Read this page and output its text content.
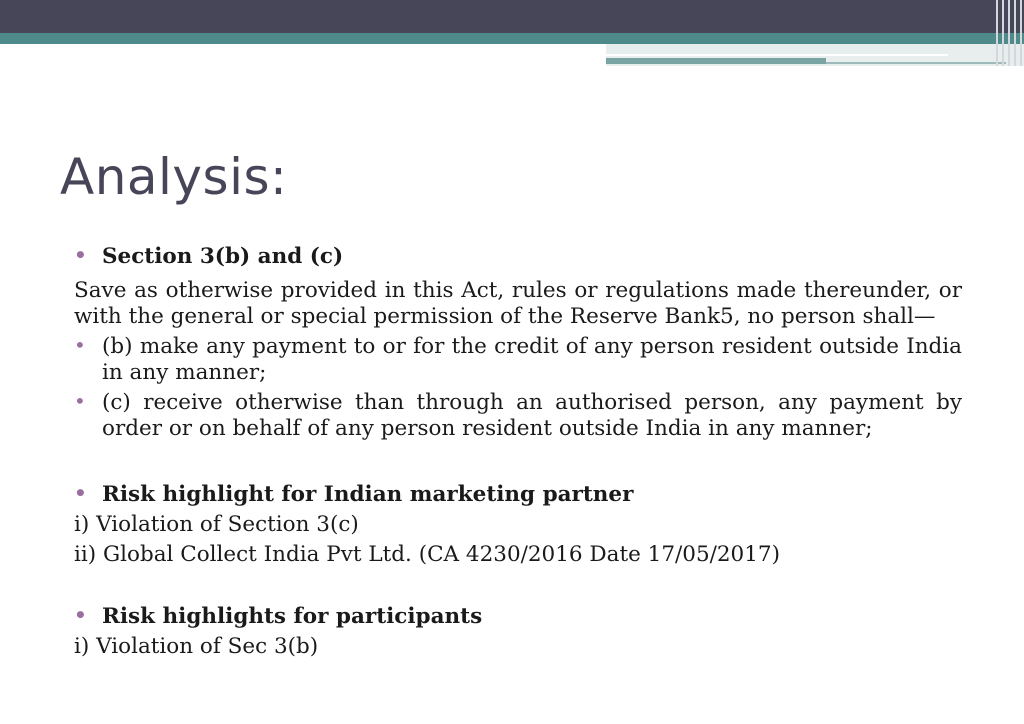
Analysis:

• Section 3(b) and (c)

Save as otherwise provided in this Act, rules or regulations made thereunder, or with the general or special permission of the Reserve Bank5, no person shall—

• (b) make any payment to or for the credit of any person resident outside India in any manner;

• (c) receive otherwise than through an authorised person, any payment by order or on behalf of any person resident outside India in any manner;

• Risk highlight for Indian marketing partner

i) Violation of Section 3(c)

ii) Global Collect India Pvt Ltd. (CA 4230/2016 Date 17/05/2017)

• Risk highlights for participants

i) Violation of Sec 3(b)
